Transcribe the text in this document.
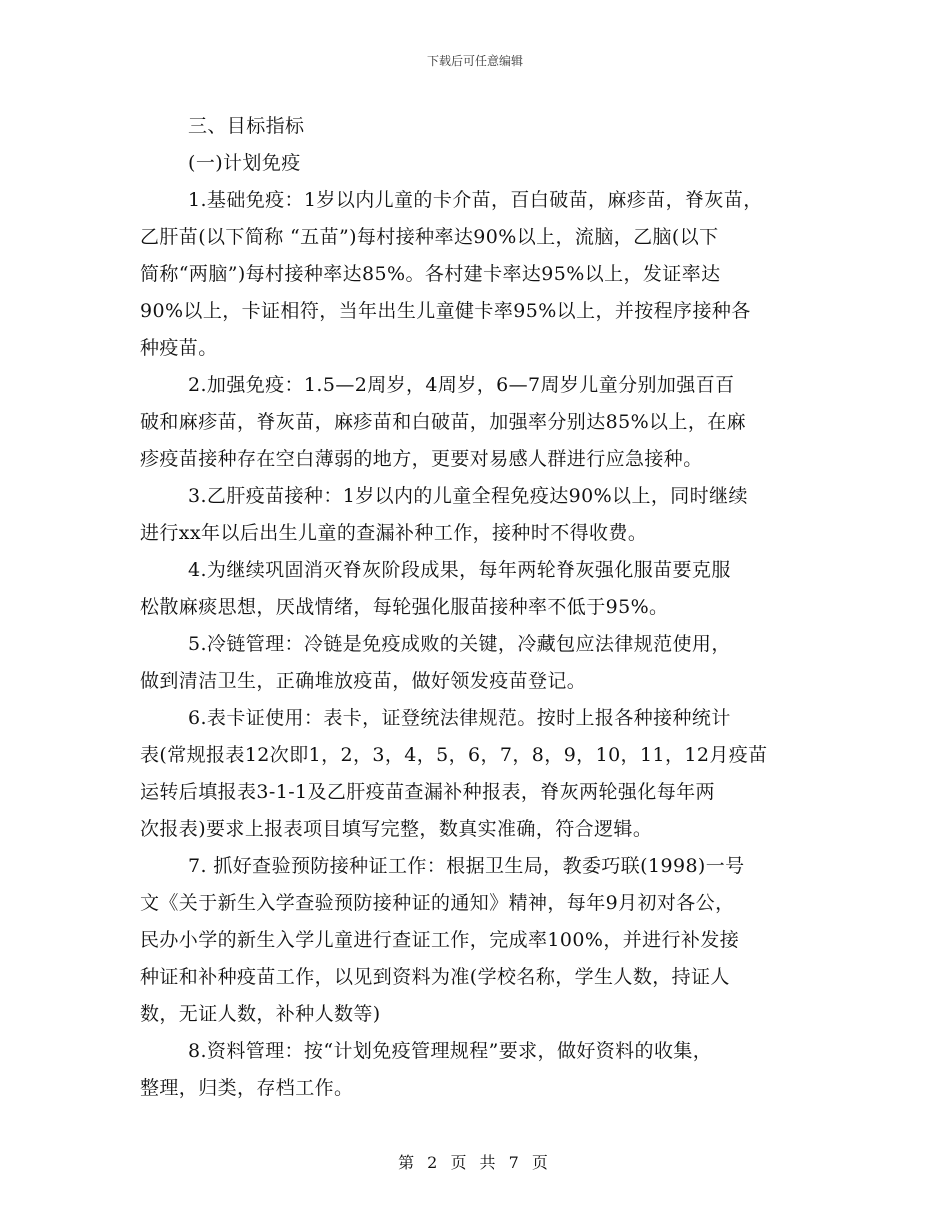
下载后可任意编辑
三、目标指标
(一)计划免疫
1.基础免疫：1岁以内儿童的卡介苗，百白破苗，麻疹苗，脊灰苗，
乙肝苗(以下简称 “五苗”)每村接种率达90%以上，流脑，乙脑(以下
简称“两脑”)每村接种率达85%。各村建卡率达95%以上，发证率达
90%以上，卡证相符，当年出生儿童健卡率95%以上，并按程序接种各
种疫苗。
2.加强免疫：1.5—2周岁，4周岁，6—7周岁儿童分别加强百百
破和麻疹苗，脊灰苗，麻疹苗和白破苗，加强率分别达85%以上，在麻
疹疫苗接种存在空白薄弱的地方，更要对易感人群进行应急接种。
3.乙肝疫苗接种：1岁以内的儿童全程免疫达90%以上，同时继续
进行xx年以后出生儿童的查漏补种工作，接种时不得收费。
4.为继续巩固消灭脊灰阶段成果，每年两轮脊灰强化服苗要克服
松散麻痰思想，厌战情绪，每轮强化服苗接种率不低于95%。
5.冷链管理：冷链是免疫成败的关键，冷藏包应法律规范使用，
做到清洁卫生，正确堆放疫苗，做好领发疫苗登记。
6.表卡证使用：表卡，证登统法律规范。按时上报各种接种统计
表(常规报表12次即1，2，3，4，5，6，7，8，9，10，11，12月疫苗
运转后填报表3-1-1及乙肝疫苗查漏补种报表，脊灰两轮强化每年两
次报表)要求上报表项目填写完整，数真实准确，符合逻辑。
7. 抓好查验预防接种证工作：根据卫生局，教委巧联(1998)一号
文《关于新生入学查验预防接种证的通知》精神，每年9月初对各公，
民办小学的新生入学儿童进行查证工作，完成率100%，并进行补发接
种证和补种疫苗工作，以见到资料为准(学校名称，学生人数，持证人
数，无证人数，补种人数等)
8.资料管理：按“计划免疫管理规程”要求，做好资料的收集，
整理，归类，存档工作。
第 2 页 共 7 页
